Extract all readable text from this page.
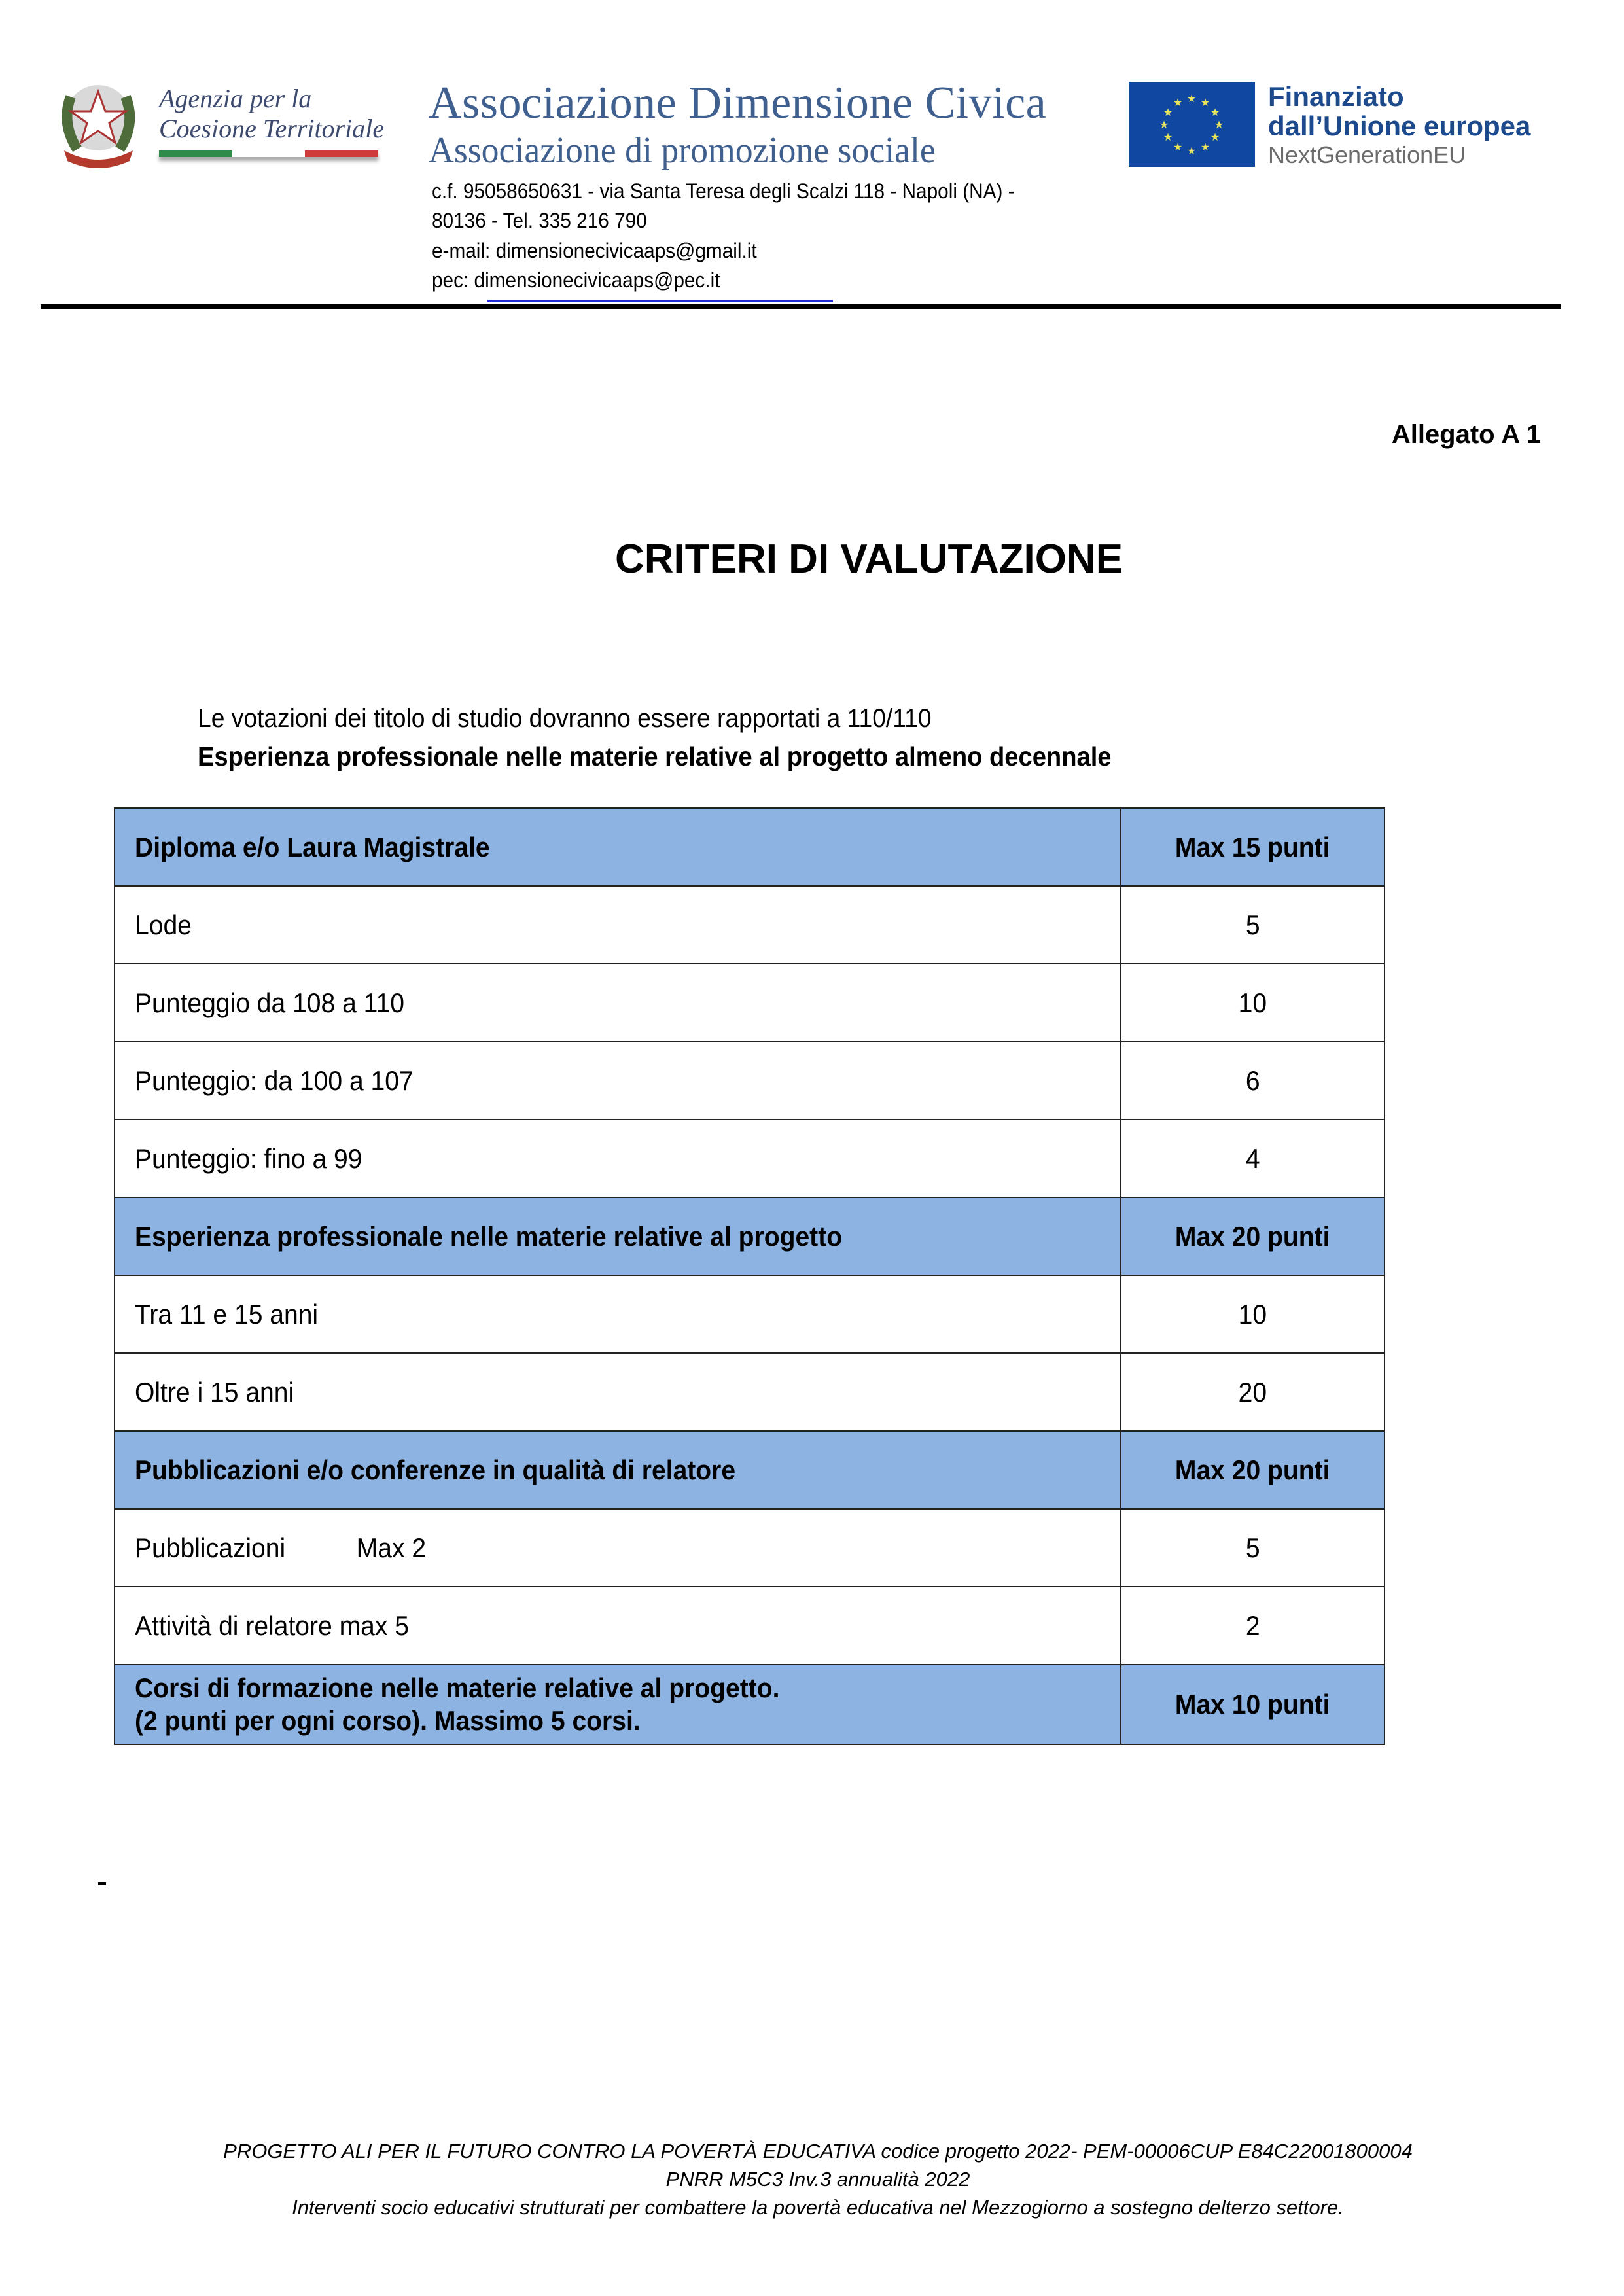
Agenzia per la
Coesione Territoriale
Associazione Dimensione Civica
Associazione di promozione sociale
c.f. 95058650631 - via Santa Teresa degli Scalzi 118 - Napoli (NA) -
80136 - Tel. 335 216 790
e-mail: dimensionecivicaaps@gmail.it
pec: dimensionecivicaaps@pec.it
★ ★
★
★
★
★
★
★
★
★
★
★	Finanziato
dall’Unione europea
NextGenerationEU
Allegato A 1
CRITERI DI VALUTAZIONE
Le votazioni dei titolo di studio dovranno essere rapportati a 110/110
Esperienza professionale nelle materie relative al progetto almeno decennale
Diploma e/o Laura Magistrale	Max 15 punti
Lode	5
Punteggio da 108 a 110	10
Punteggio: da 100 a 107	6
Punteggio: fino a 99	4
Esperienza professionale nelle materie relative al progetto	Max 20 punti
Tra 11 e 15 anni	10
Oltre i 15 anni	20
Pubblicazioni e/o conferenze in qualità di relatore	Max 20 punti
Pubblicazioni          Max 2	5
Attività di relatore max 5	2
Corsi di formazione nelle materie relative al progetto.
(2 punti per ogni corso). Massimo 5 corsi.	Max 10 punti
PROGETTO ALI PER IL FUTURO CONTRO LA POVERTÀ EDUCATIVA codice progetto 2022- PEM-00006CUP E84C22001800004
PNRR M5C3 Inv.3 annualità 2022
Interventi socio educativi strutturati per combattere la povertà educativa nel Mezzogiorno a sostegno delterzo settore.
